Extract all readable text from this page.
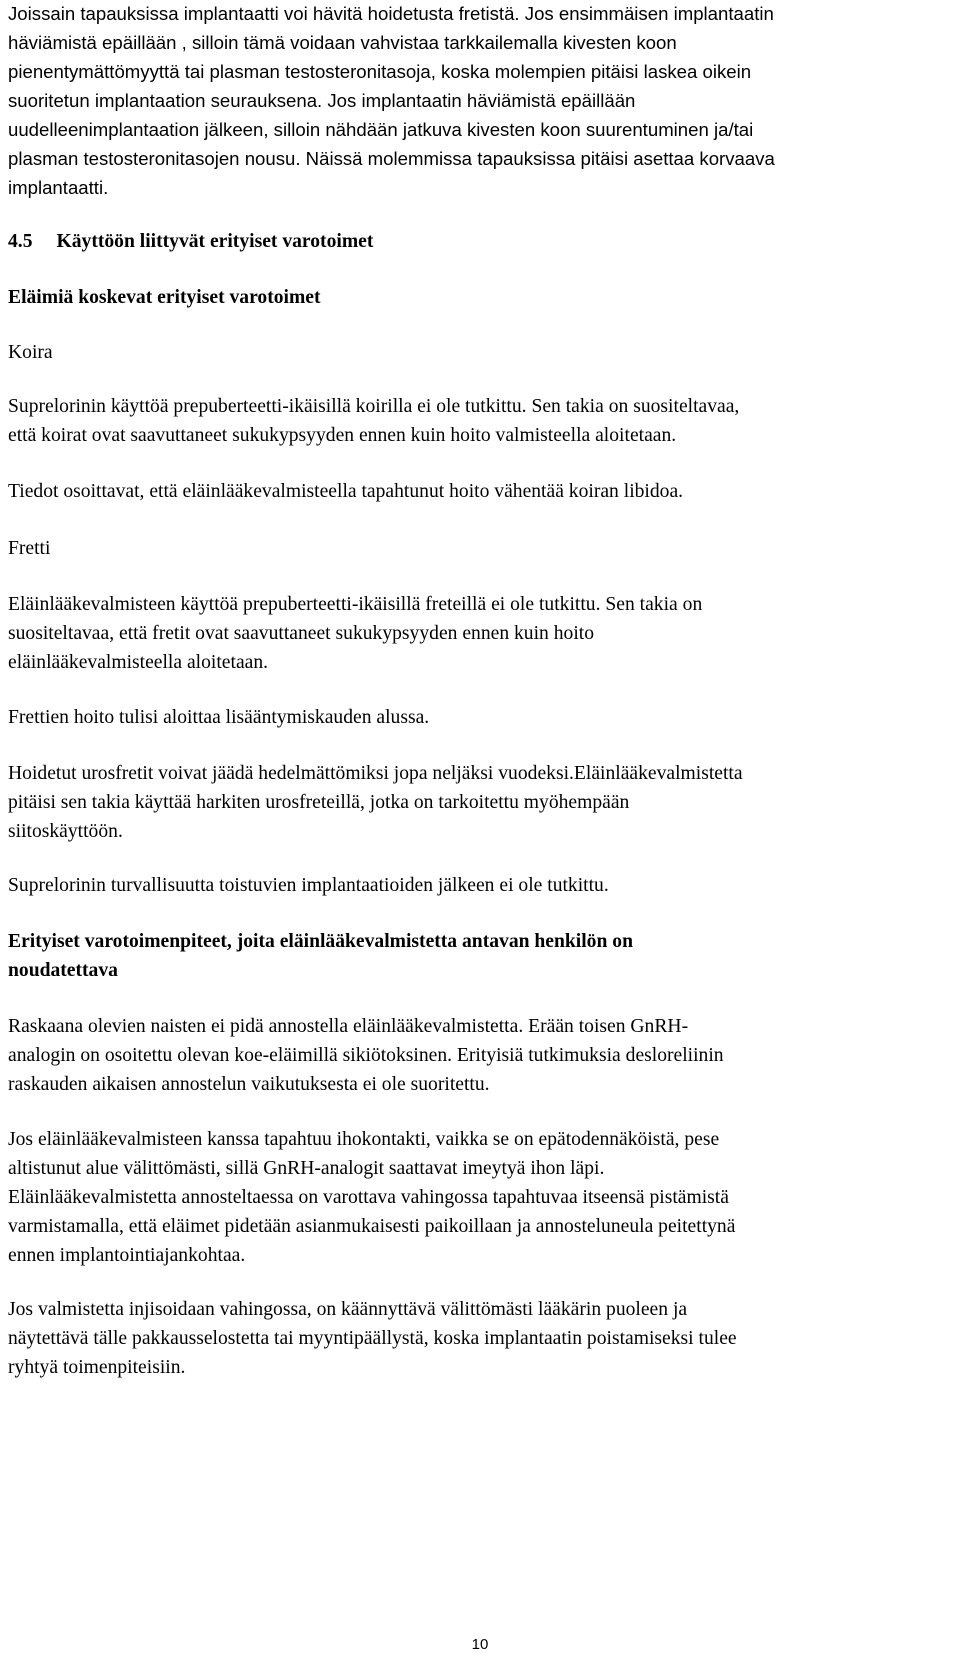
Joissain tapauksissa implantaatti voi hävitä hoidetusta fretistä. Jos ensimmäisen implantaatin
häviämistä epäillään , silloin tämä voidaan vahvistaa tarkkailemalla kivesten koon
pienentymättömyyttä tai plasman testosteronitasoja, koska molempien pitäisi laskea oikein
suoritetun implantaation seurauksena. Jos implantaatin häviämistä epäillään
uudelleenimplantaation jälkeen, silloin nähdään jatkuva kivesten koon suurentuminen ja/tai
plasman testosteronitasojen nousu. Näissä molemmissa tapauksissa pitäisi asettaa korvaava
implantaatti.

4.5 Käyttöön liittyvät erityiset varotoimet

Eläimiä koskevat erityiset varotoimet

Koira

Suprelorinin käyttöä prepuberteetti-ikäisillä koirilla ei ole tutkittu. Sen takia on suositeltavaa,
että koirat ovat saavuttaneet sukukypsyyden ennen kuin hoito valmisteella aloitetaan.

Tiedot osoittavat, että eläinlääkevalmisteella tapahtunut hoito vähentää koiran libidoa.

Fretti

Eläinlääkevalmisteen käyttöä prepuberteetti-ikäisillä freteillä ei ole tutkittu. Sen takia on
suositeltavaa, että fretit ovat saavuttaneet sukukypsyyden ennen kuin hoito
eläinlääkevalmisteella aloitetaan.

Frettien hoito tulisi aloittaa lisääntymiskauden alussa.

Hoidetut urosfretit voivat jäädä hedelmättömiksi jopa neljäksi vuodeksi.Eläinlääkevalmistetta
pitäisi sen takia käyttää harkiten urosfreteillä, jotka on tarkoitettu myöhempään
siitoskäyttöön.

Suprelorinin turvallisuutta toistuvien implantaatioiden jälkeen ei ole tutkittu.

Erityiset varotoimenpiteet, joita eläinlääkevalmistetta antavan henkilön on
noudatettava

Raskaana olevien naisten ei pidä annostella eläinlääkevalmistetta. Erään toisen GnRH-
analogin on osoitettu olevan koe-eläimillä sikiötoksinen. Erityisiä tutkimuksia desloreliinin
raskauden aikaisen annostelun vaikutuksesta ei ole suoritettu.

Jos eläinlääkevalmisteen kanssa tapahtuu ihokontakti, vaikka se on epätodennäköistä, pese
altistunut alue välittömästi, sillä GnRH-analogit saattavat imeytyä ihon läpi.
Eläinlääkevalmistetta annosteltaessa on varottava vahingossa tapahtuvaa itseensä pistämistä
varmistamalla, että eläimet pidetään asianmukaisesti paikoillaan ja annosteluneula peitettynä
ennen implantointiajankohtaa.

Jos valmistetta injisoidaan vahingossa, on käännyttävä välittömästi lääkärin puoleen ja
näytettävä tälle pakkausselostetta tai myyntipäällystä, koska implantaatin poistamiseksi tulee
ryhtyä toimenpiteisiin.

10
